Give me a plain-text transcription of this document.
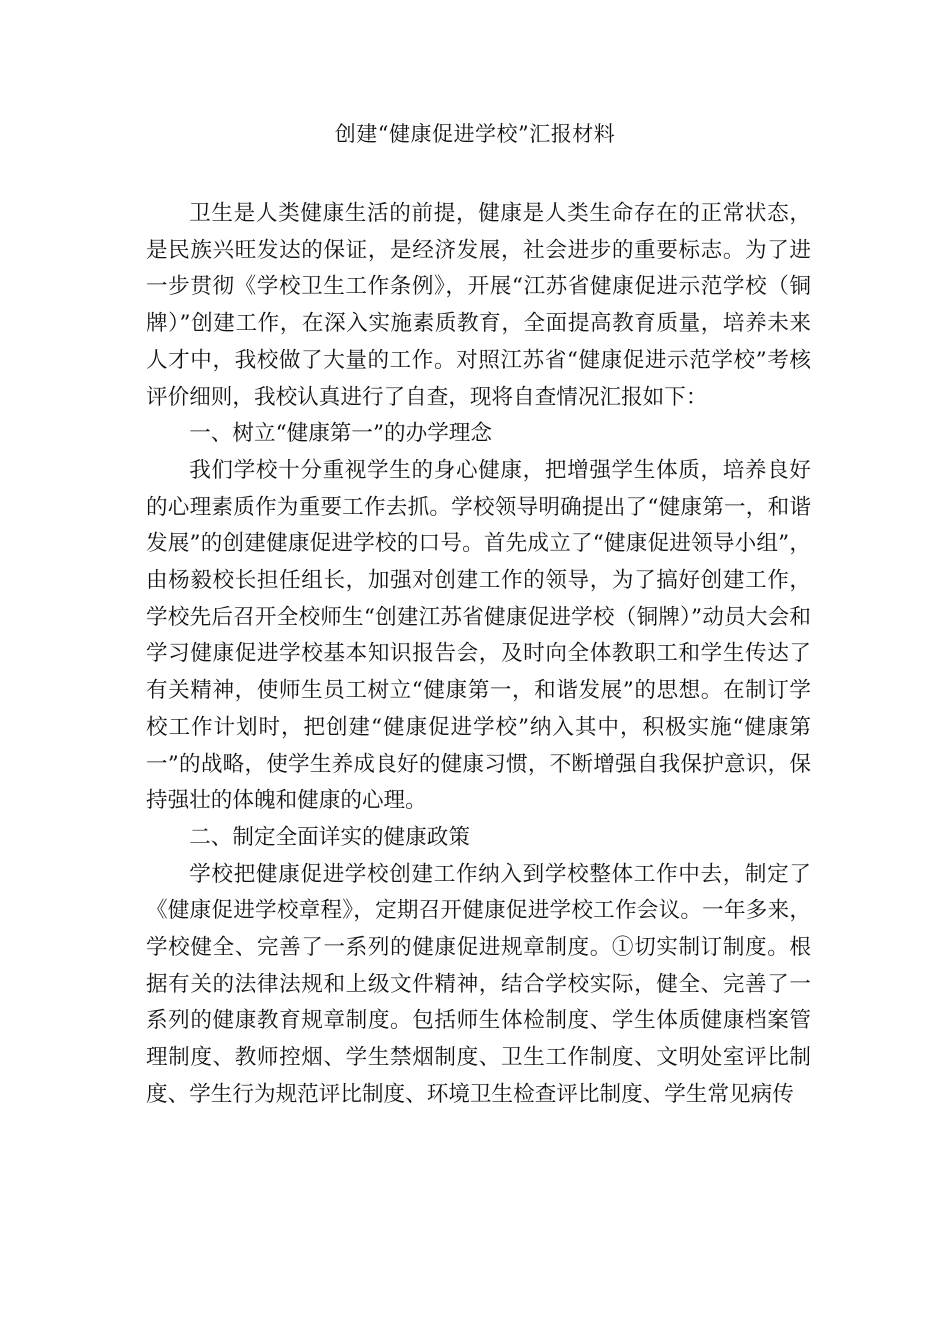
创建“健康促进学校”汇报材料

卫生是人类健康生活的前提，健康是人类生命存在的正常状态，是民族兴旺发达的保证，是经济发展，社会进步的重要标志。为了进一步贯彻《学校卫生工作条例》，开展“江苏省健康促进示范学校（铜牌）”创建工作，在深入实施素质教育，全面提高教育质量，培养未来人才中，我校做了大量的工作。对照江苏省“健康促进示范学校”考核评价细则，我校认真进行了自查，现将自查情况汇报如下：

一、树立“健康第一”的办学理念

我们学校十分重视学生的身心健康，把增强学生体质，培养良好的心理素质作为重要工作去抓。学校领导明确提出了“健康第一，和谐发展”的创建健康促进学校的口号。首先成立了“健康促进领导小组”，由杨毅校长担任组长，加强对创建工作的领导，为了搞好创建工作，学校先后召开全校师生“创建江苏省健康促进学校（铜牌）”动员大会和学习健康促进学校基本知识报告会，及时向全体教职工和学生传达了有关精神，使师生员工树立“健康第一，和谐发展”的思想。在制订学校工作计划时，把创建“健康促进学校”纳入其中，积极实施“健康第一”的战略，使学生养成良好的健康习惯，不断增强自我保护意识，保持强壮的体魄和健康的心理。

二、制定全面详实的健康政策

学校把健康促进学校创建工作纳入到学校整体工作中去，制定了《健康促进学校章程》，定期召开健康促进学校工作会议。一年多来，学校健全、完善了一系列的健康促进规章制度。①切实制订制度。根据有关的法律法规和上级文件精神，结合学校实际，健全、完善了一系列的健康教育规章制度。包括师生体检制度、学生体质健康档案管理制度、教师控烟、学生禁烟制度、卫生工作制度、文明处室评比制度、学生行为规范评比制度、环境卫生检查评比制度、学生常见病传
